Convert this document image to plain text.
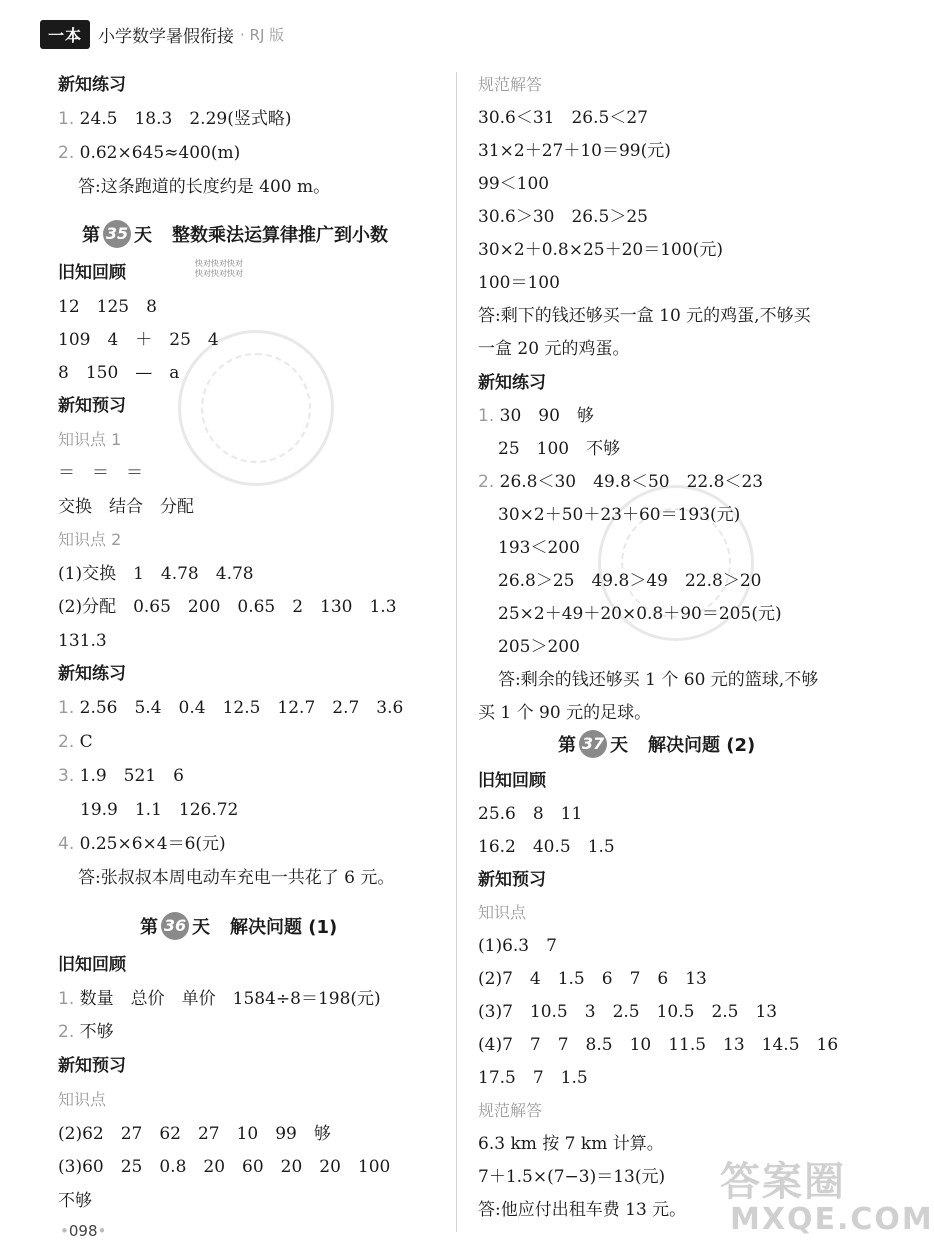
一本 小学数学暑假衔接 · RJ 版
快对快对快对
快对快对快对
新知练习
1. 24.5　18.3　2.29(竖式略)
2. 0.62×645≈400(m)
答:这条跑道的长度约是 400 m。
第 35 天 整数乘法运算律推广到小数
旧知回顾
12　125　8
109　4　＋　25　4
8　150　—　a
新知预习
知识点 1
＝　＝　＝
交换　结合　分配
知识点 2
(1)交换　1　4.78　4.78
(2)分配　0.65　200　0.65　2　130　1.3
131.3
新知练习
1. 2.56　5.4　0.4　12.5　12.7　2.7　3.6
2. C
3. 1.9　521　6
19.9　1.1　126.72
4. 0.25×6×4＝6(元)
答:张叔叔本周电动车充电一共花了 6 元。
第 36 天 解决问题 (1)
旧知回顾
1. 数量　总价　单价　1584÷8＝198(元)
2. 不够
新知预习
知识点
(2)62　27　62　27　10　99　够
(3)60　25　0.8　20　60　20　20　100
不够
规范解答
30.6＜31　26.5＜27
31×2＋27＋10＝99(元)
99＜100
30.6＞30　26.5＞25
30×2＋0.8×25＋20＝100(元)
100＝100
答:剩下的钱还够买一盒 10 元的鸡蛋,不够买
一盒 20 元的鸡蛋。
新知练习
1. 30　90　够
25　100　不够
2. 26.8＜30　49.8＜50　22.8＜23
30×2＋50＋23＋60＝193(元)
193＜200
26.8＞25　49.8＞49　22.8＞20
25×2＋49＋20×0.8＋90＝205(元)
205＞200
答:剩余的钱还够买 1 个 60 元的篮球,不够
买 1 个 90 元的足球。
第 37 天 解决问题 (2)
旧知回顾
25.6　8　11
16.2　40.5　1.5
新知预习
知识点
(1)6.3　7
(2)7　4　1.5　6　7　6　13
(3)7　10.5　3　2.5　10.5　2.5　13
(4)7　7　7　8.5　10　11.5　13　14.5　16
17.5　7　1.5
规范解答
6.3 km 按 7 km 计算。
7＋1.5×(7−3)＝13(元)
答:他应付出租车费 13 元。
•098•
答案圈
MXQE.COM
